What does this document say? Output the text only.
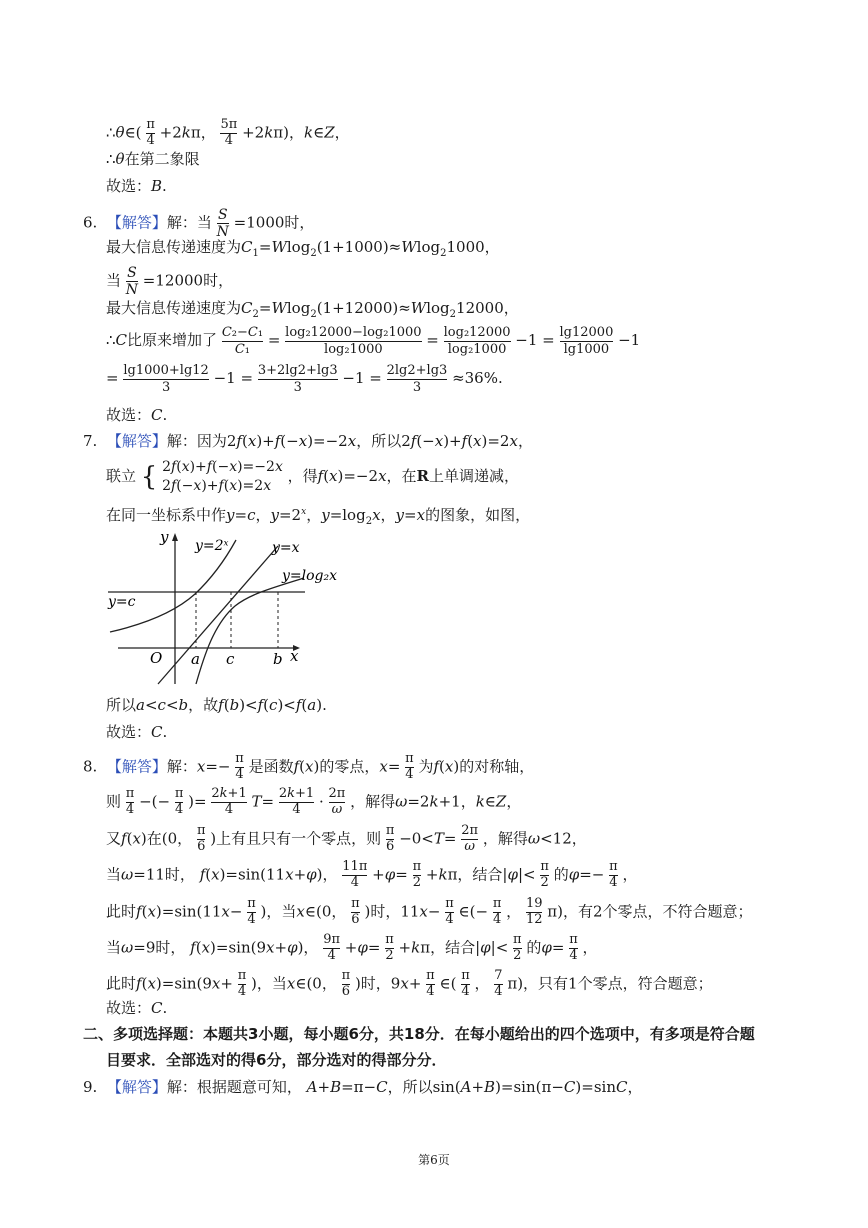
∴θ∈( $\frac{\pi}{4} +2k\pi$， $\frac{5\pi}{4} +2k\pi$)，k∈Z，
∴θ在第二象限
故选：B.
6.  【解答】解：当 $\frac{S}{N} =1000$时，
最大信息传递速度为$C_1=Wlog_2(1+1000)\approx Wlog_21000$，
当 $\frac{S}{N} =12000$时，
最大信息传递速度为$C_2=Wlog_2(1+12000)\approx Wlog_212000$，
∴C比原来增加了 $\frac{\text{C₂−C₁}}{\text{C₁}} = \frac{\text{log₂12000−log₂1000}}{\text{log₂1000}} = \frac{\text{log₂12000}}{\text{log₂1000}} -1 = \frac{\lg 12000}{\lg 1000} -1$
= $\frac{\lg 1000+\lg 12}{3} -1 = \frac{3+2\lg 2+\lg 3}{3} -1 = \frac{2\lg 2+\lg 3}{3} \approx 36\%$.
故选：C.
7.  【解答】解：因为2f(x)+f(−x)=−2x，所以2f(−x)+f(x)=2x，
联立 { 2f(x)+f(−x)=−2x
2f(−x)+f(x)=2x
，得f(x)=−2x，在R上单调递减，
在同一坐标系中作y=c，$y=2^x$，$y=\log_2x$，y=x的图象，如图，
y y=2ˣ	y=x
y=log₂x
y=c
O a c	b x
所以a<c<b，故f(b)<f(c)<f(a).
故选：C.
8.  【解答】解：$x=- \frac{\pi}{4}$ 是函数f(x)的零点，$x= \frac{\pi}{4}$ 为f(x)的对称轴，
则 $\frac{\pi}{4}$ −(− $\frac{\pi}{4}$ )= $\frac{2k+1}{4} T= \frac{2k+1}{4} \cdot \frac{2\pi}{\omega}$ ，解得ω=2k+1，k∈Z，
又f(x)在(0， $\frac{\pi}{6}$ )上有且只有一个零点，则 $\frac{\pi}{6} -0<T= \frac{2\pi}{\omega}$ ，解得ω<12，
当ω=11时， f(x)=sin(11x+φ)， $\frac{11\pi}{4} +\varphi= \frac{\pi}{2} +k\pi$，结合$|\varphi|< \frac{\pi}{2}$ 的$\varphi=- \frac{\pi}{4}$ ，
此时$f(x)=\sin(11x- \frac{\pi}{4}$ )，当x∈(0， $\frac{\pi}{6}$ )时，$11x- \frac{\pi}{4}$ ∈(− $\frac{\pi}{4}$ ， $\frac{19}{12} \pi$)，有2个零点，不符合题意；
当ω=9时， f(x)=sin(9x+φ)， $\frac{9\pi}{4} +\varphi= \frac{\pi}{2} +k\pi$，结合$|\varphi|< \frac{\pi}{2}$ 的$\varphi= \frac{\pi}{4}$ ，
此时$f(x)=\sin(9x+ \frac{\pi}{4}$ )，当x∈(0， $\frac{\pi}{6}$ )时，$9x+ \frac{\pi}{4}$ ∈( $\frac{\pi}{4}$ ， $\frac{7}{4} \pi$)，只有1个零点，符合题意；
故选：C.
二、多项选择题：本题共3小题，每小题6分，共18分．在每小题给出的四个选项中，有多项是符合题
目要求．全部选对的得6分，部分选对的得部分分．
9.  【解答】解：根据题意可知， A+B=π−C，所以sin(A+B)=sin(π−C)=sinC，
第6页
